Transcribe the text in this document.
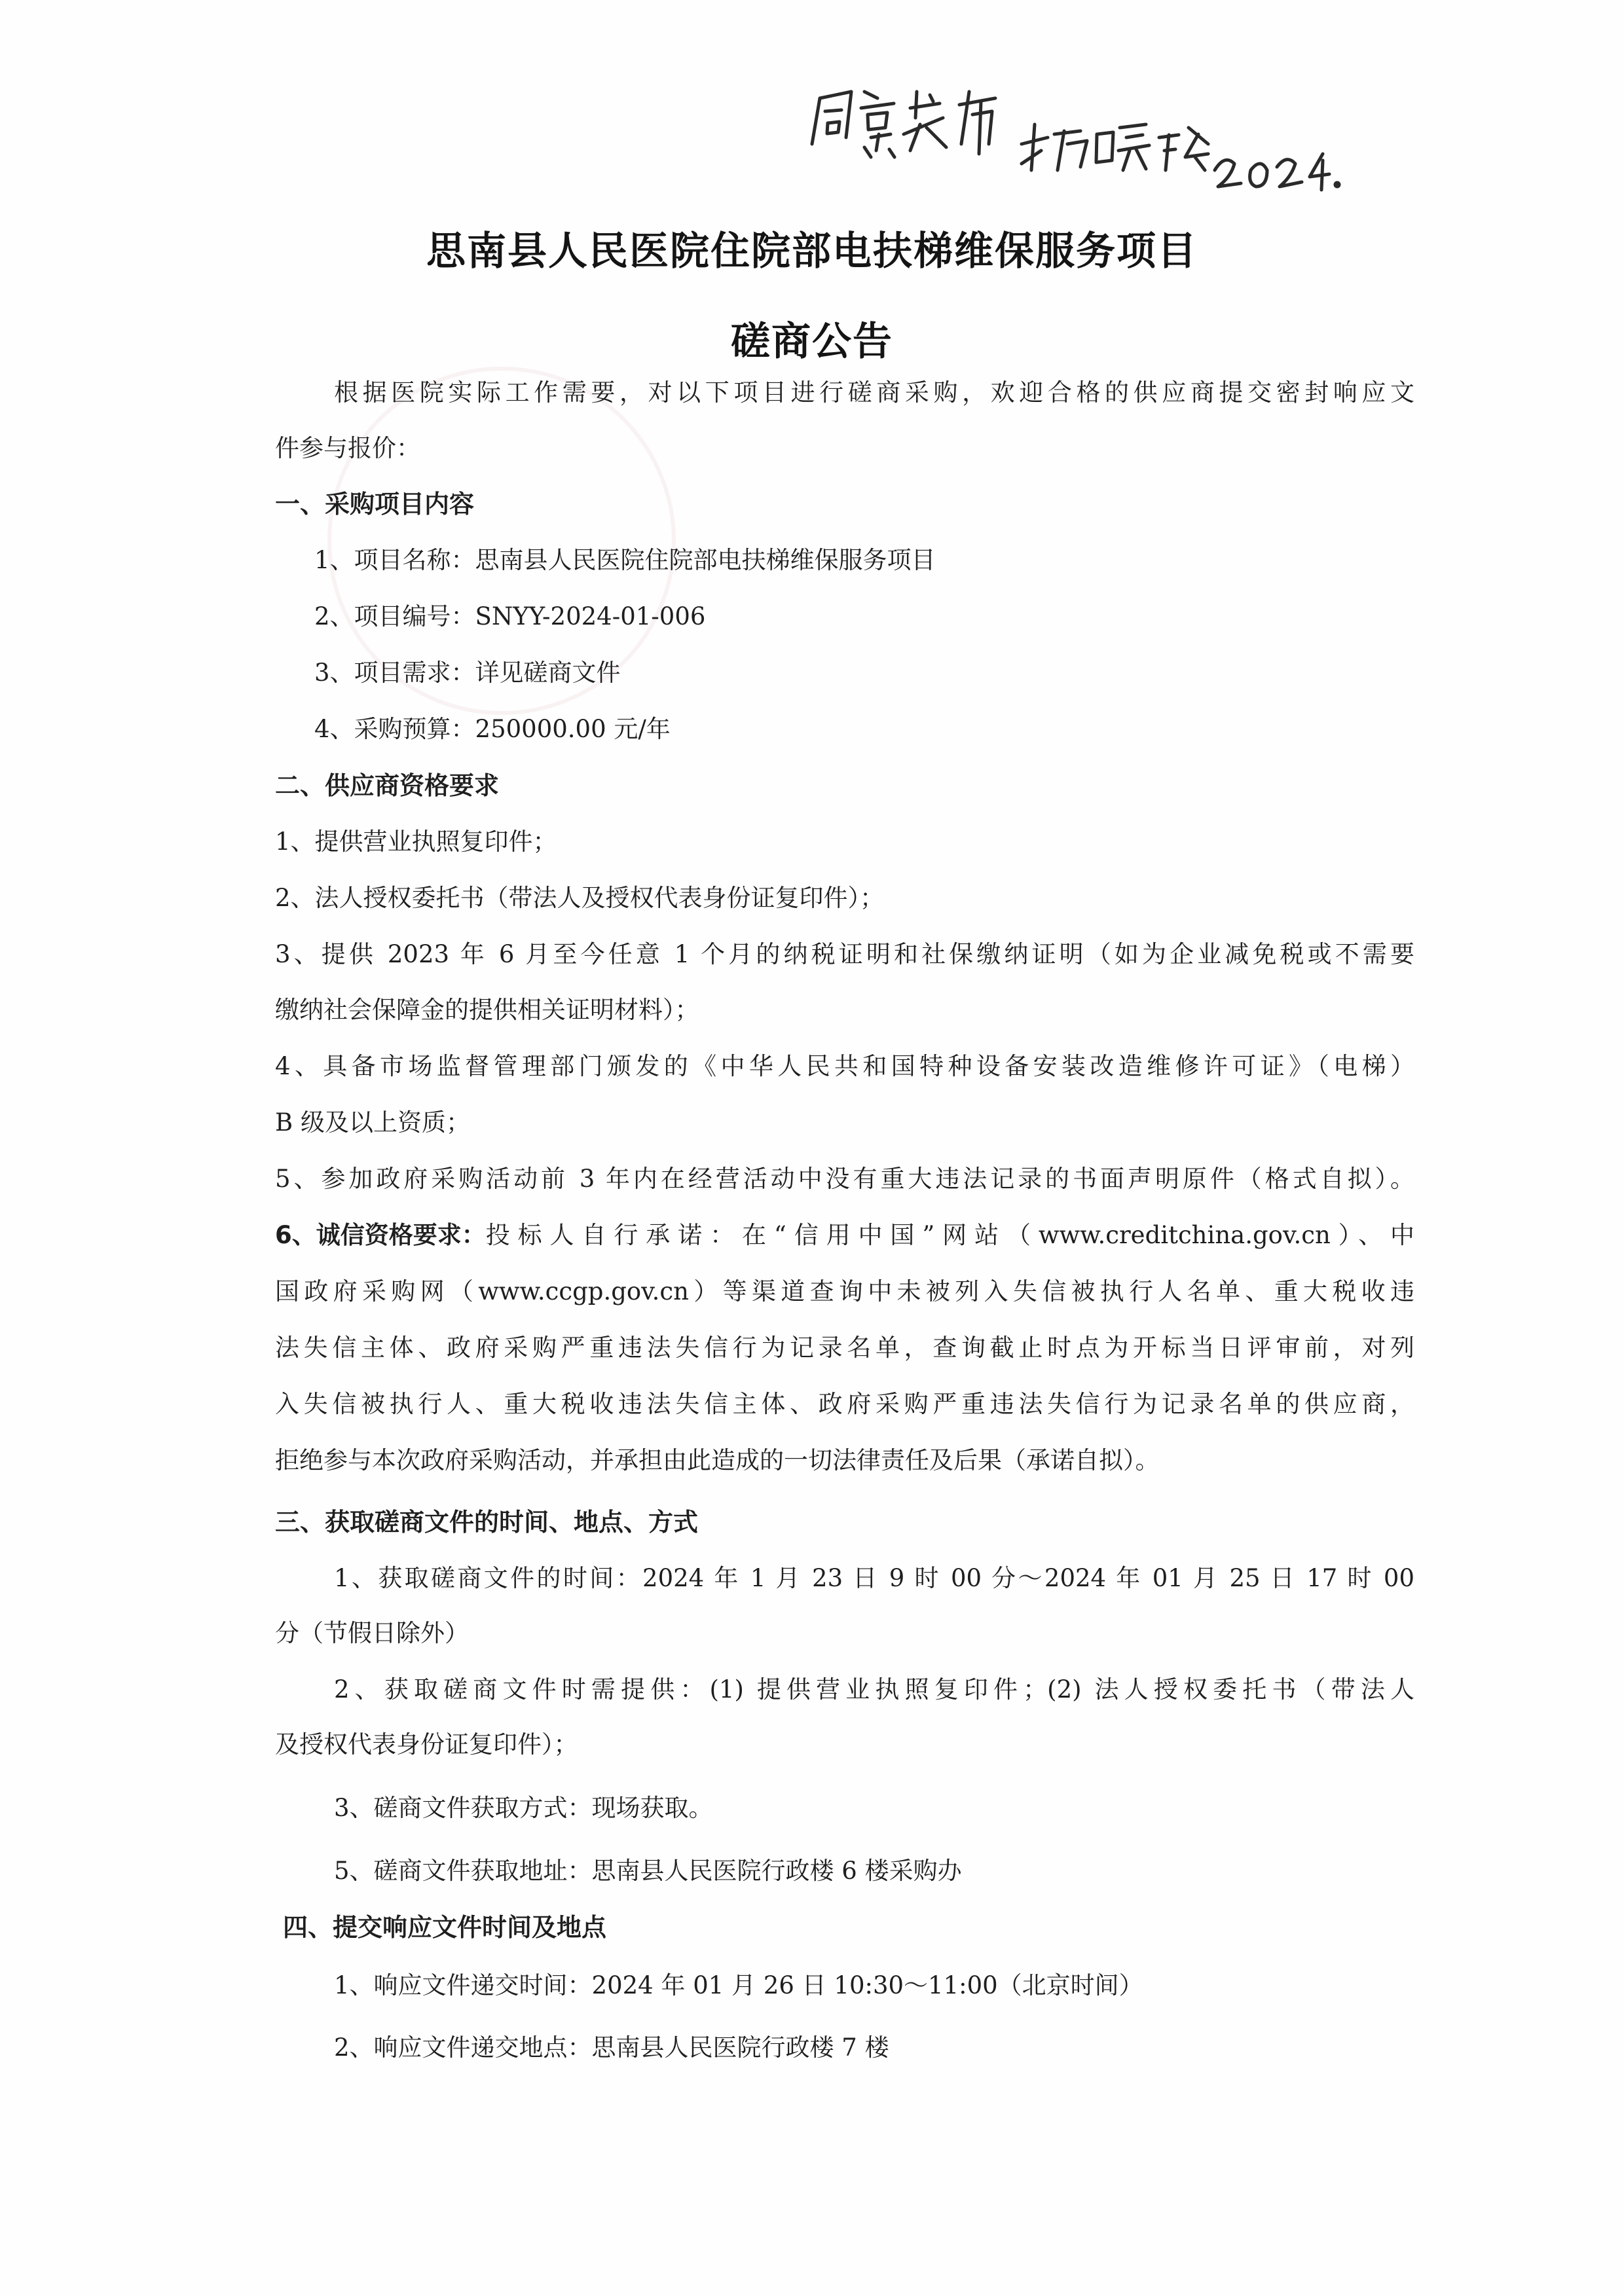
思南县人民医院住院部电扶梯维保服务项目
磋商公告
根据医院实际工作需要，对以下项目进行磋商采购，欢迎合格的供应商提交密封响应文
件参与报价：
一、采购项目内容
1、项目名称：思南县人民医院住院部电扶梯维保服务项目
2、项目编号：SNYY-2024-01-006
3、项目需求：详见磋商文件
4、采购预算：250000.00 元/年
二、供应商资格要求
1、提供营业执照复印件；
2、法人授权委托书（带法人及授权代表身份证复印件）；
3、提供 2023 年 6 月至今任意 1 个月的纳税证明和社保缴纳证明（如为企业减免税或不需要
缴纳社会保障金的提供相关证明材料）；
4、具备市场监督管理部门颁发的《中华人民共和国特种设备安装改造维修许可证》（电梯）
B 级及以上资质；
5、参加政府采购活动前 3 年内在经营活动中没有重大违法记录的书面声明原件（格式自拟）。
6、诚信资格要求： 投标人自行承诺：在“信用中国”网站（www.creditchina.gov.cn）、中
国政府采购网（www.ccgp.gov.cn）等渠道查询中未被列入失信被执行人名单、重大税收违
法失信主体、政府采购严重违法失信行为记录名单，查询截止时点为开标当日评审前，对列
入失信被执行人、重大税收违法失信主体、政府采购严重违法失信行为记录名单的供应商，
拒绝参与本次政府采购活动，并承担由此造成的一切法律责任及后果（承诺自拟）。
三、获取磋商文件的时间、地点、方式
1、获取磋商文件的时间：2024 年 1 月 23 日 9 时 00 分～2024 年 01 月 25 日 17 时 00
分（节假日除外）
2、获取磋商文件时需提供：(1) 提供营业执照复印件；(2) 法人授权委托书（带法人
及授权代表身份证复印件）；
3、磋商文件获取方式：现场获取。
5、磋商文件获取地址：思南县人民医院行政楼 6 楼采购办
四、提交响应文件时间及地点
1、响应文件递交时间：2024 年 01 月 26 日 10:30～11:00（北京时间）
2、响应文件递交地点：思南县人民医院行政楼 7 楼
